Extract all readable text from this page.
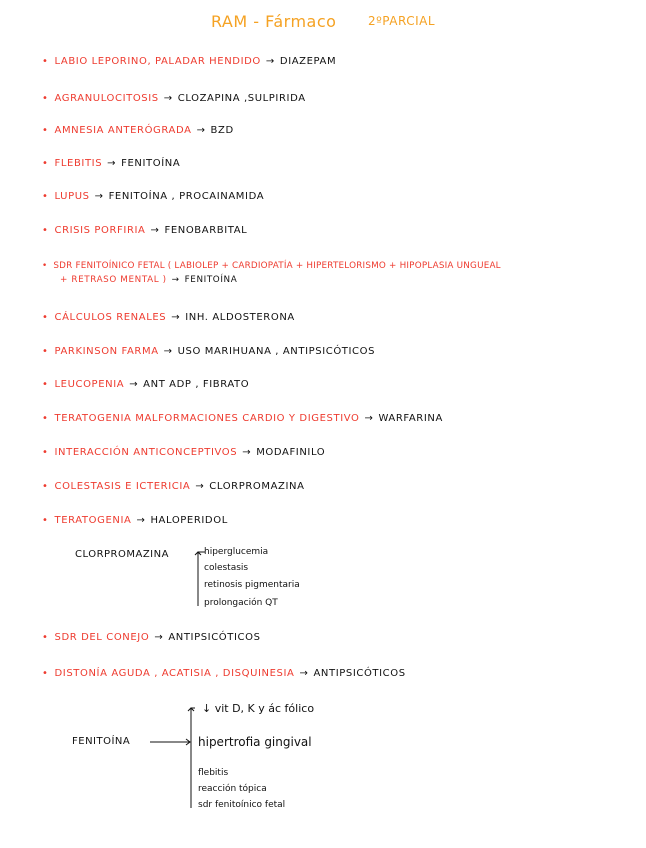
RAM - Fármaco	2ºPARCIAL
• LABIO LEPORINO, PALADAR HENDIDO → DIAZEPAM
• AGRANULOCITOSIS → CLOZAPINA ,SULPIRIDA
• AMNESIA ANTERÓGRADA → BZD
• FLEBITIS → FENITOÍNA
• LUPUS → FENITOÍNA , PROCAINAMIDA
• CRISIS PORFIRIA → FENOBARBITAL
• SDR FENITOÍNICO FETAL ( LABIOLEP + CARDIOPATÍA + HIPERTELORISMO + HIPOPLASIA UNGUEAL
+ RETRASO MENTAL ) → FENITOÍNA
• CÁLCULOS RENALES → INH. ALDOSTERONA
• PARKINSON FARMA → USO MARIHUANA , ANTIPSICÓTICOS
• LEUCOPENIA → ANT ADP , FIBRATO
• TERATOGENIA MALFORMACIONES CARDIO Y DIGESTIVO → WARFARINA
• INTERACCIÓN ANTICONCEPTIVOS → MODAFINILO
• COLESTASIS E ICTERICIA → CLORPROMAZINA
• TERATOGENIA → HALOPERIDOL
CLORPROMAZINA	hiperglucemia
colestasis
retinosis pigmentaria
prolongación QT
• SDR DEL CONEJO → ANTIPSICÓTICOS
• DISTONÍA AGUDA , ACATISIA , DISQUINESIA → ANTIPSICÓTICOS
FENITOÍNA
↓ vit D, K y ác fólico
hipertrofia gingival
flebitis
reacción tópica
sdr fenitoínico fetal
